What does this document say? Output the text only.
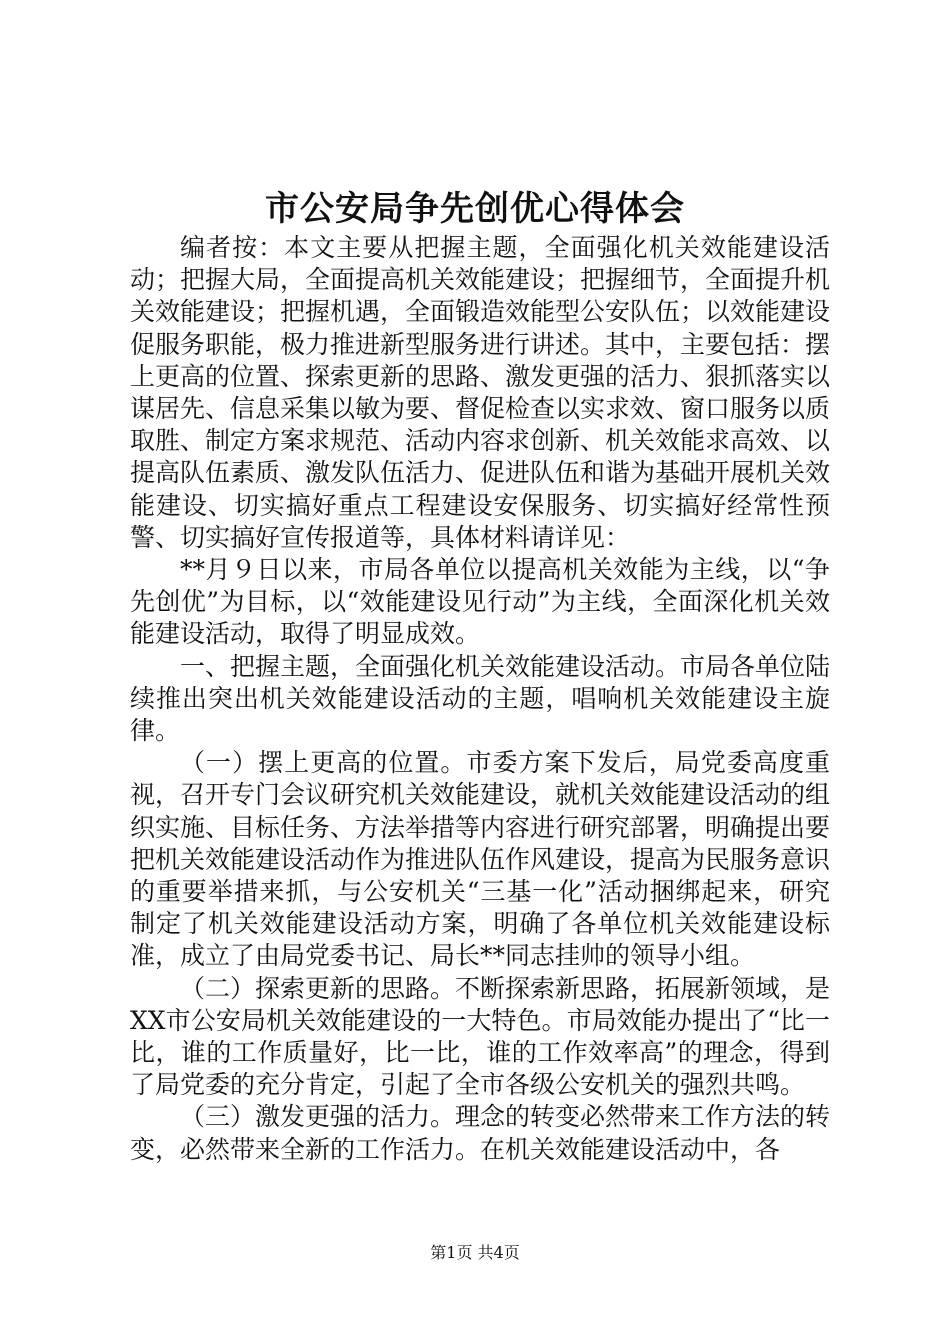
市公安局争先创优心得体会

编者按：本文主要从把握主题，全面强化机关效能建设活动；把握大局，全面提高机关效能建设；把握细节，全面提升机关效能建设；把握机遇，全面锻造效能型公安队伍；以效能建设促服务职能，极力推进新型服务进行讲述。其中，主要包括：摆上更高的位置、探索更新的思路、激发更强的活力、狠抓落实以谋居先、信息采集以敏为要、督促检查以实求效、窗口服务以质取胜、制定方案求规范、活动内容求创新、机关效能求高效、以提高队伍素质、激发队伍活力、促进队伍和谐为基础开展机关效能建设、切实搞好重点工程建设安保服务、切实搞好经常性预警、切实搞好宣传报道等，具体材料请详见：

**月９日以来，市局各单位以提高机关效能为主线，以“争先创优”为目标，以“效能建设见行动”为主线，全面深化机关效能建设活动，取得了明显成效。

一、把握主题，全面强化机关效能建设活动。市局各单位陆续推出突出机关效能建设活动的主题，唱响机关效能建设主旋律。

（一）摆上更高的位置。市委方案下发后，局党委高度重视，召开专门会议研究机关效能建设，就机关效能建设活动的组织实施、目标任务、方法举措等内容进行研究部署，明确提出要把机关效能建设活动作为推进队伍作风建设，提高为民服务意识的重要举措来抓，与公安机关“三基一化”活动捆绑起来，研究制定了机关效能建设活动方案，明确了各单位机关效能建设标准，成立了由局党委书记、局长**同志挂帅的领导小组。

（二）探索更新的思路。不断探索新思路，拓展新领域，是XX市公安局机关效能建设的一大特色。市局效能办提出了“比一比，谁的工作质量好，比一比，谁的工作效率高”的理念，得到了局党委的充分肯定，引起了全市各级公安机关的强烈共鸣。

（三）激发更强的活力。理念的转变必然带来工作方法的转变，必然带来全新的工作活力。在机关效能建设活动中，各

第1页 共4页
